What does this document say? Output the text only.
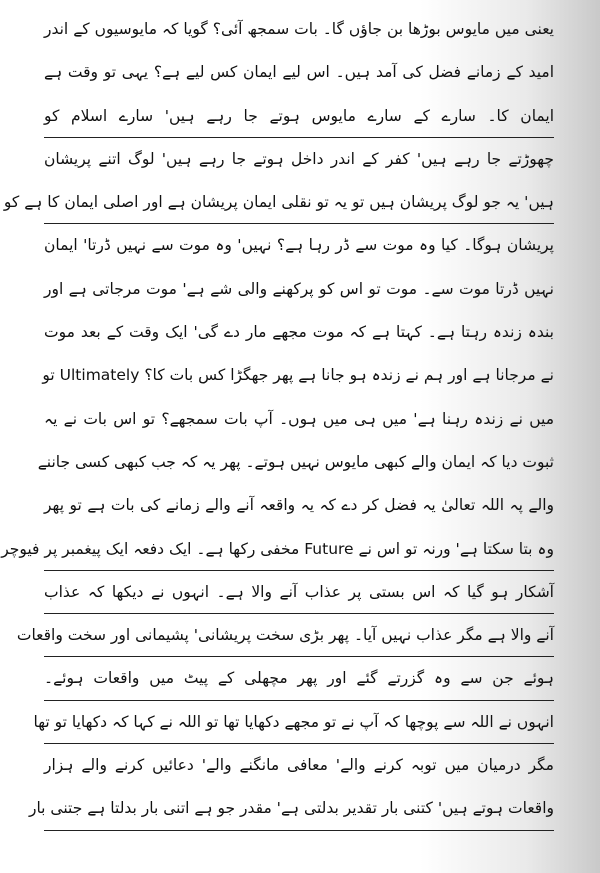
یعنی میں مایوس بوڑھا بن جاؤں گا۔ بات سمجھ آئی؟ گویا کہ مایوسیوں کے اندر
امید کے زمانے فضل کی آمد ہیں۔ اس لیے ایمان کس لیے ہے؟ یہی تو وقت ہے
ایمان کا۔ سارے کے سارے مایوس ہوتے جا رہے ہیں' سارے اسلام کو
چھوڑتے جا رہے ہیں' کفر کے اندر داخل ہوتے جا رہے ہیں' لوگ اتنے پریشان
ہیں' یہ جو لوگ پریشان ہیں تو یہ تو نقلی ایمان پریشان ہے اور اصلی ایمان کا ہے کو
پریشان ہوگا۔ کیا وہ موت سے ڈر رہا ہے؟ نہیں' وہ موت سے نہیں ڈرتا' ایمان
نہیں ڈرتا موت سے۔ موت تو اس کو پرکھنے والی شے ہے' موت مرجاتی ہے اور
بندہ زندہ رہتا ہے۔ کہتا ہے کہ موت مجھے مار دے گی' ایک وقت کے بعد موت
نے مرجانا ہے اور ہم نے زندہ ہو جانا ہے پھر جھگڑا کس بات کا؟ Ultimately تو
میں نے زندہ رہنا ہے' میں ہی میں ہوں۔ آپ بات سمجھے؟ تو اس بات نے یہ
ثبوت دیا کہ ایمان والے کبھی مایوس نہیں ہوتے۔ پھر یہ کہ جب کبھی کسی جاننے
والے پہ اللہ تعالیٰ یہ فضل کر دے کہ یہ واقعہ آنے والے زمانے کی بات ہے تو پھر
وہ بتا سکتا ہے' ورنہ تو اس نے Future مخفی رکھا ہے۔ ایک دفعہ ایک پیغمبر پر فیوچر
آشکار ہو گیا کہ اس بستی پر عذاب آنے والا ہے۔ انہوں نے دیکھا کہ عذاب
آنے والا ہے مگر عذاب نہیں آیا۔ پھر بڑی سخت پریشانی' پشیمانی اور سخت واقعات
ہوئے جن سے وہ گزرتے گئے اور پھر مچھلی کے پیٹ میں واقعات ہوئے۔
انہوں نے اللہ سے پوچھا کہ آپ نے تو مجھے دکھایا تھا تو اللہ نے کہا کہ دکھایا تو تھا
مگر درمیان میں توبہ کرنے والے' معافی مانگنے والے' دعائیں کرنے والے ہزار
واقعات ہوتے ہیں' کتنی بار تقدیر بدلتی ہے' مقدر جو ہے اتنی بار بدلتا ہے جتنی بار
